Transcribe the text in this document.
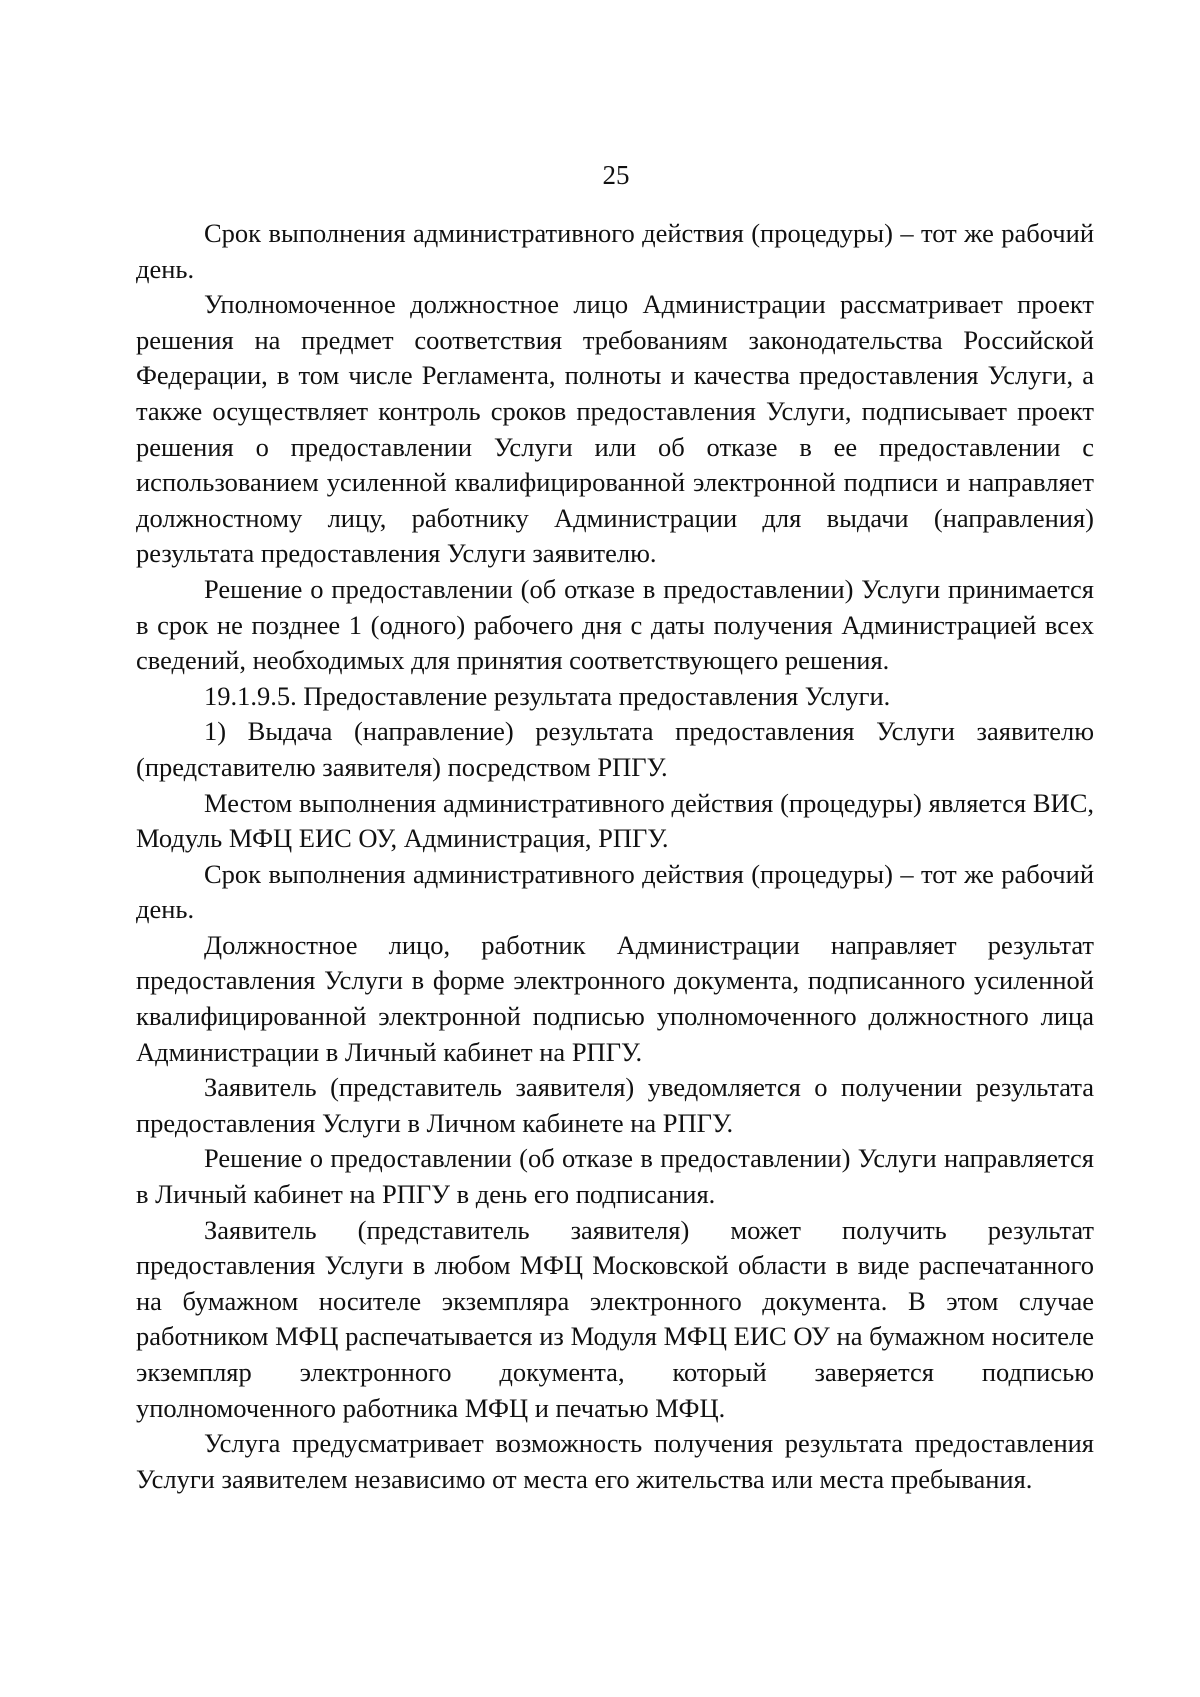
25

Срок выполнения административного действия (процедуры) – тот же рабочий день.

Уполномоченное должностное лицо Администрации рассматривает проект решения на предмет соответствия требованиям законодательства Российской Федерации, в том числе Регламента, полноты и качества предоставления Услуги, а также осуществляет контроль сроков предоставления Услуги, подписывает проект решения о предоставлении Услуги или об отказе в ее предоставлении с использованием усиленной квалифицированной электронной подписи и направляет должностному лицу, работнику Администрации для выдачи (направления) результата предоставления Услуги заявителю.

Решение о предоставлении (об отказе в предоставлении) Услуги принимается в срок не позднее 1 (одного) рабочего дня с даты получения Администрацией всех сведений, необходимых для принятия соответствующего решения.

19.1.9.5. Предоставление результата предоставления Услуги.

1) Выдача (направление) результата предоставления Услуги заявителю (представителю заявителя) посредством РПГУ.

Местом выполнения административного действия (процедуры) является ВИС, Модуль МФЦ ЕИС ОУ, Администрация, РПГУ.

Срок выполнения административного действия (процедуры) – тот же рабочий день.

Должностное лицо, работник Администрации направляет результат предоставления Услуги в форме электронного документа, подписанного усиленной квалифицированной электронной подписью уполномоченного должностного лица Администрации в Личный кабинет на РПГУ.

Заявитель (представитель заявителя) уведомляется о получении результата предоставления Услуги в Личном кабинете на РПГУ.

Решение о предоставлении (об отказе в предоставлении) Услуги направляется в Личный кабинет на РПГУ в день его подписания.

Заявитель (представитель заявителя) может получить результат предоставления Услуги в любом МФЦ Московской области в виде распечатанного на бумажном носителе экземпляра электронного документа. В этом случае работником МФЦ распечатывается из Модуля МФЦ ЕИС ОУ на бумажном носителе экземпляр электронного документа, который заверяется подписью уполномоченного работника МФЦ и печатью МФЦ.

Услуга предусматривает возможность получения результата предоставления Услуги заявителем независимо от места его жительства или места пребывания.
